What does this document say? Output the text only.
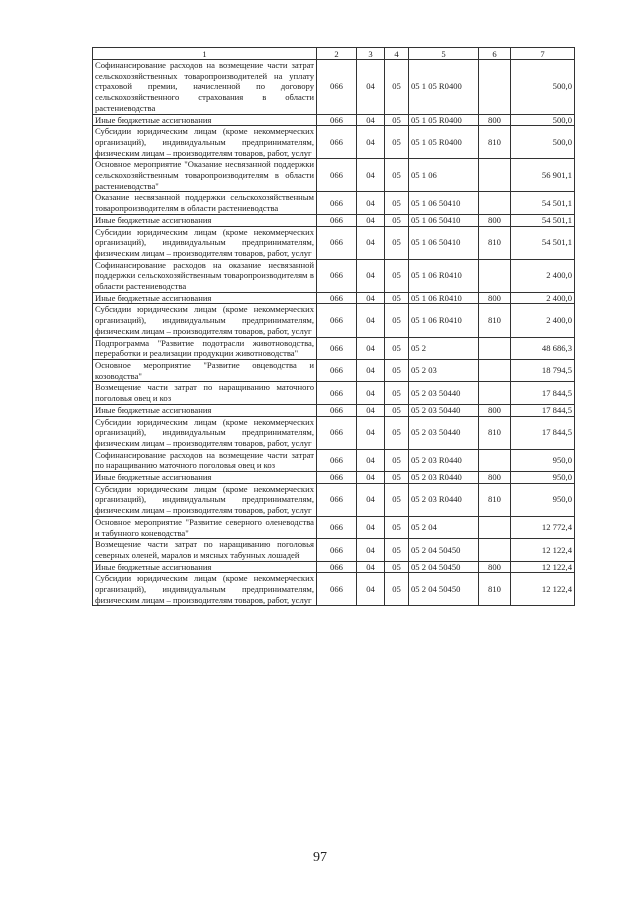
1	2	3	4	5	6	7
Софинансирование расходов на возмещение части затрат сельскохозяйственных товаропроизводителей на уплату страховой премии, начисленной по договору сельскохозяйственного страхования в области растениеводства	066	04	05	05 1 05 R0400		500,0
Иные бюджетные ассигнования	066	04	05	05 1 05 R0400	800	500,0
Субсидии юридическим лицам (кроме некоммерческих организаций), индивидуальным предпринимателям, физическим лицам – производителям товаров, работ, услуг	066	04	05	05 1 05 R0400	810	500,0
Основное мероприятие "Оказание несвязанной поддержки сельскохозяйственным товаропроизводителям в области растениеводства"	066	04	05	05 1 06		56 901,1
Оказание несвязанной поддержки сельскохозяйственным товаропроизводителям в области растениеводства	066	04	05	05 1 06 50410		54 501,1
Иные бюджетные ассигнования	066	04	05	05 1 06 50410	800	54 501,1
Субсидии юридическим лицам (кроме некоммерческих организаций), индивидуальным предпринимателям, физическим лицам – производителям товаров, работ, услуг	066	04	05	05 1 06 50410	810	54 501,1
Софинансирование расходов на оказание несвязанной поддержки сельскохозяйственным товаропроизводителям в области растениеводства	066	04	05	05 1 06 R0410		2 400,0
Иные бюджетные ассигнования	066	04	05	05 1 06 R0410	800	2 400,0
Субсидии юридическим лицам (кроме некоммерческих организаций), индивидуальным предпринимателям, физическим лицам – производителям товаров, работ, услуг	066	04	05	05 1 06 R0410	810	2 400,0
Подпрограмма "Развитие подотрасли животноводства, переработки и реализации продукции животноводства"	066	04	05	05 2		48 686,3
Основное мероприятие "Развитие овцеводства и козоводства"	066	04	05	05 2 03		18 794,5
Возмещение части затрат по наращиванию маточного поголовья овец и коз	066	04	05	05 2 03 50440		17 844,5
Иные бюджетные ассигнования	066	04	05	05 2 03 50440	800	17 844,5
Субсидии юридическим лицам (кроме некоммерческих организаций), индивидуальным предпринимателям, физическим лицам – производителям товаров, работ, услуг	066	04	05	05 2 03 50440	810	17 844,5
Софинансирование расходов на возмещение части затрат по наращиванию маточного поголовья овец и коз	066	04	05	05 2 03 R0440		950,0
Иные бюджетные ассигнования	066	04	05	05 2 03 R0440	800	950,0
Субсидии юридическим лицам (кроме некоммерческих организаций), индивидуальным предпринимателям, физическим лицам – производителям товаров, работ, услуг	066	04	05	05 2 03 R0440	810	950,0
Основное мероприятие "Развитие северного оленеводства и табунного коневодства"	066	04	05	05 2 04		12 772,4
Возмещение части затрат по наращиванию поголовья северных оленей, маралов и мясных табунных лошадей	066	04	05	05 2 04 50450		12 122,4
Иные бюджетные ассигнования	066	04	05	05 2 04 50450	800	12 122,4
Субсидии юридическим лицам (кроме некоммерческих организаций), индивидуальным предпринимателям, физическим лицам – производителям товаров, работ, услуг	066	04	05	05 2 04 50450	810	12 122,4
97
